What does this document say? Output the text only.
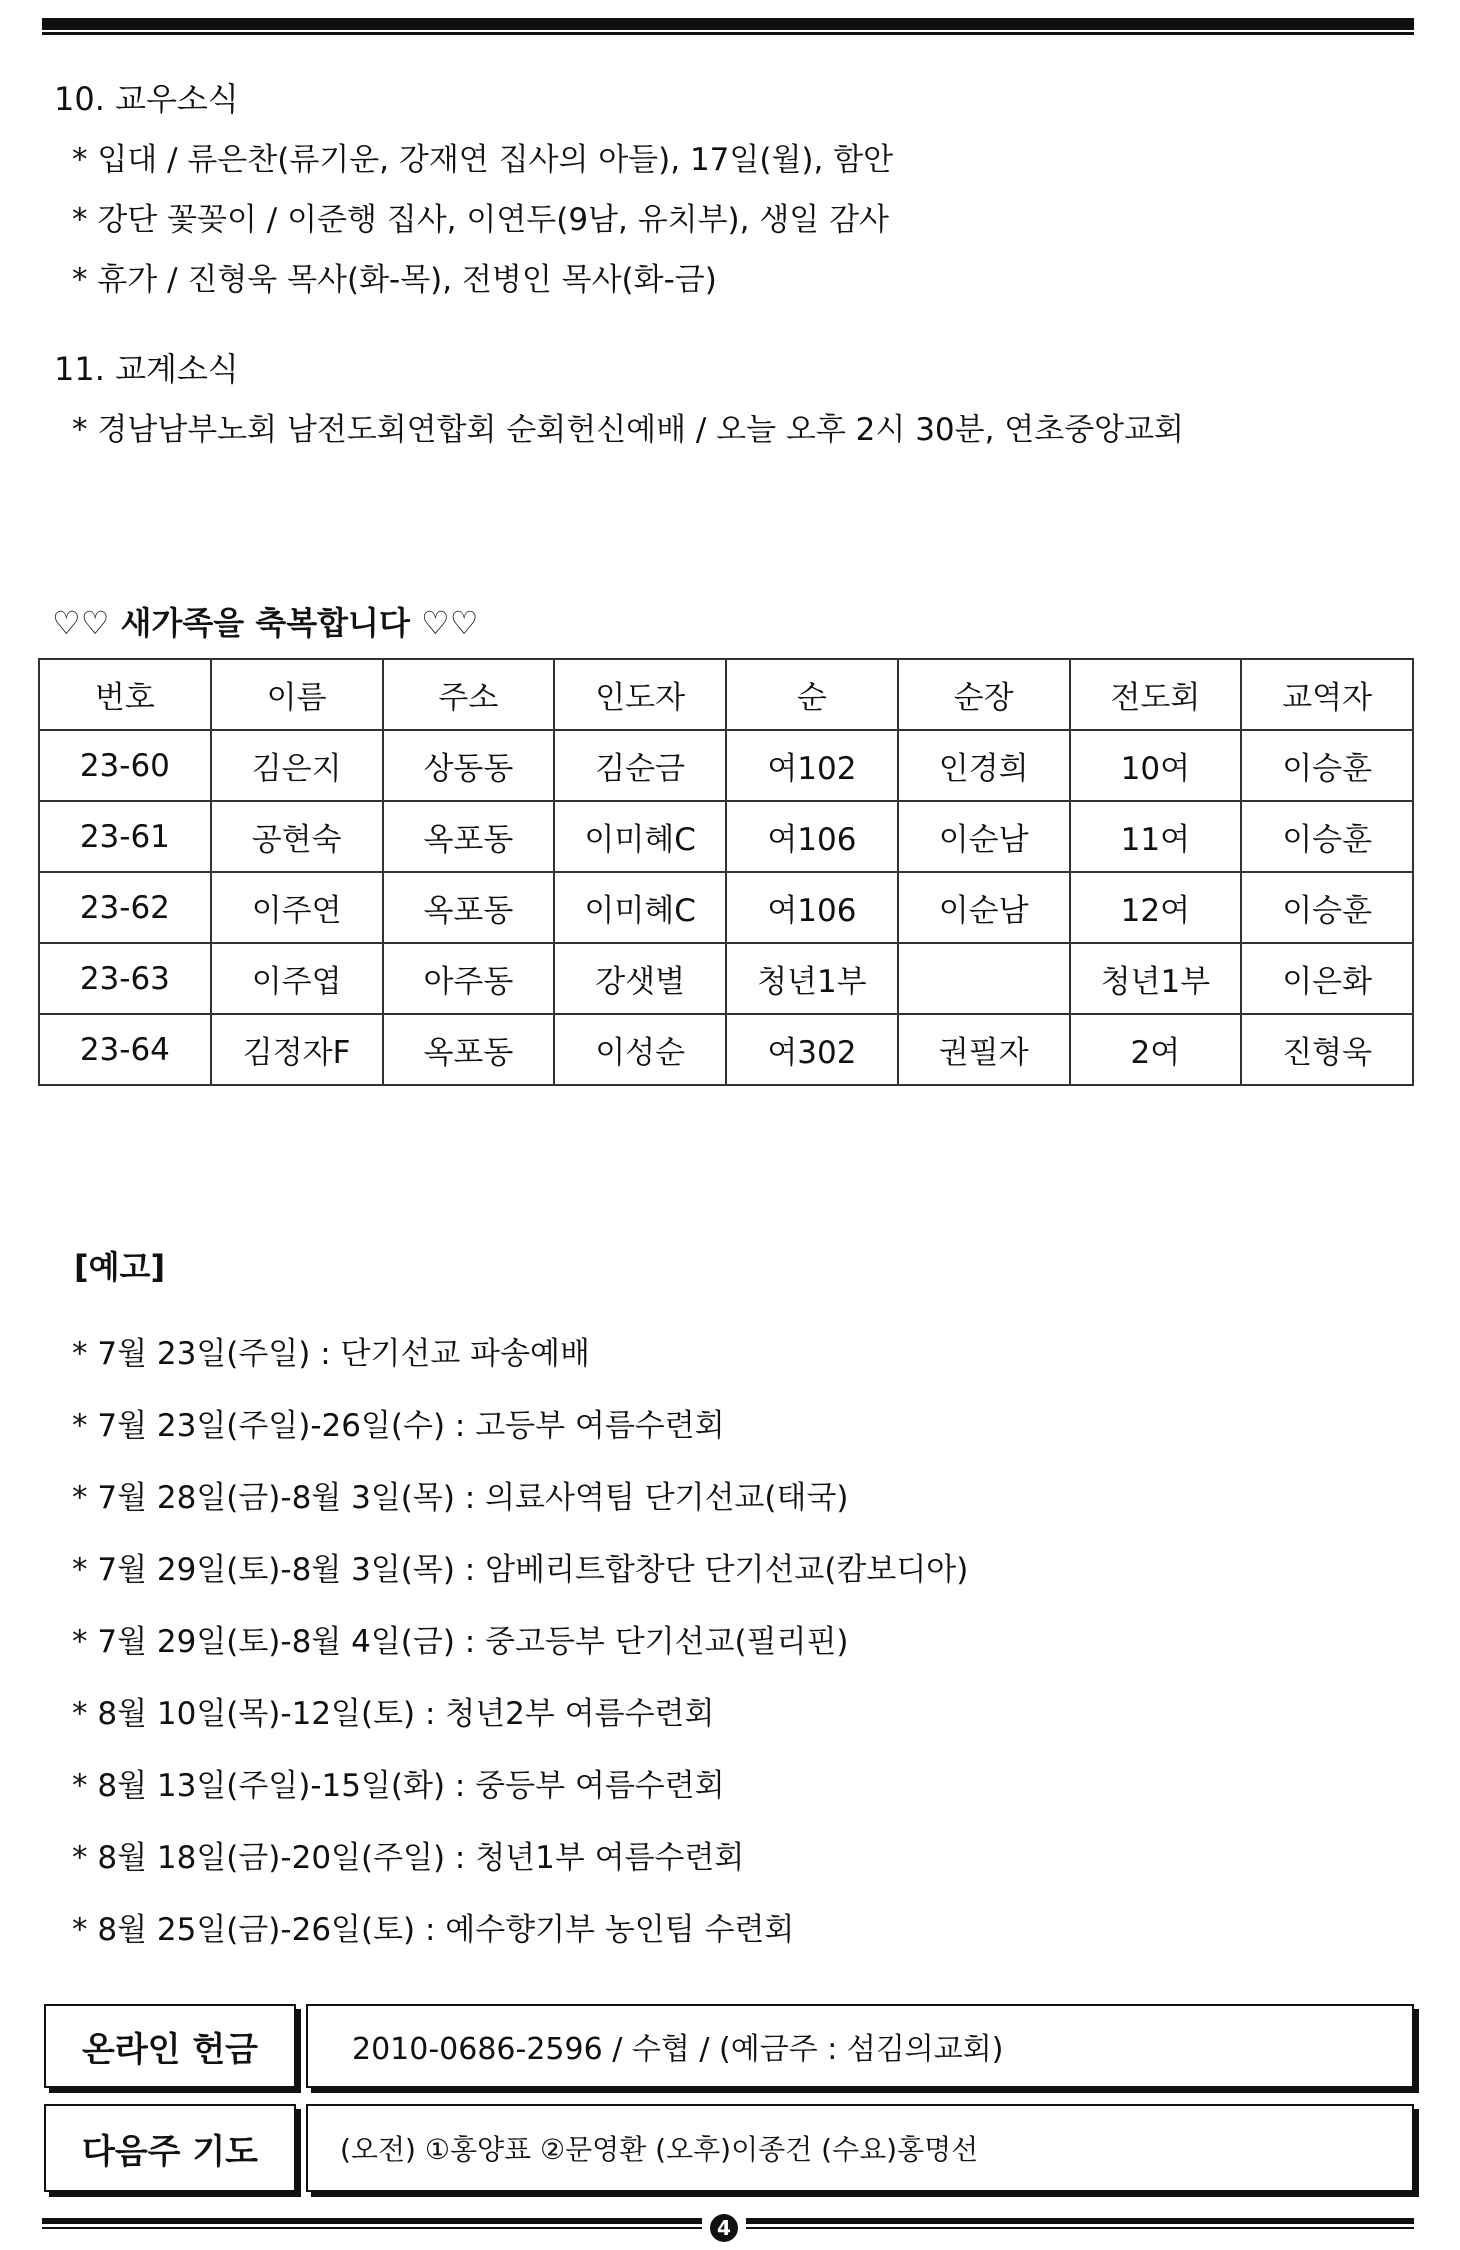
10. 교우소식
* 입대 / 류은찬(류기운, 강재연 집사의 아들), 17일(월), 함안
* 강단 꽃꽂이 / 이준행 집사, 이연두(9남, 유치부), 생일 감사
* 휴가 / 진형욱 목사(화-목), 전병인 목사(화-금)
11. 교계소식
* 경남남부노회 남전도회연합회 순회헌신예배 / 오늘 오후 2시 30분, 연초중앙교회
♡♡ 새가족을 축복합니다 ♡♡
번호	이름	주소	인도자	순	순장	전도회	교역자
23-60	김은지	상동동	김순금	여102	인경희	10여	이승훈
23-61	공현숙	옥포동	이미혜C	여106	이순남	11여	이승훈
23-62	이주연	옥포동	이미혜C	여106	이순남	12여	이승훈
23-63	이주엽	아주동	강샛별	청년1부		청년1부	이은화
23-64	김정자F	옥포동	이성순	여302	권필자	2여	진형욱
[예고]
* 7월 23일(주일) : 단기선교 파송예배
* 7월 23일(주일)-26일(수) : 고등부 여름수련회
* 7월 28일(금)-8월 3일(목) : 의료사역팀 단기선교(태국)
* 7월 29일(토)-8월 3일(목) : 암베리트합창단 단기선교(캄보디아)
* 7월 29일(토)-8월 4일(금) : 중고등부 단기선교(필리핀)
* 8월 10일(목)-12일(토) : 청년2부 여름수련회
* 8월 13일(주일)-15일(화) : 중등부 여름수련회
* 8월 18일(금)-20일(주일) : 청년1부 여름수련회
* 8월 25일(금)-26일(토) : 예수향기부 농인팀 수련회
온라인 헌금	2010-0686-2596 / 수협 / (예금주 : 섬김의교회)
다음주 기도	(오전) ①홍양표 ②문영환 (오후)이종건 (수요)홍명선
4
